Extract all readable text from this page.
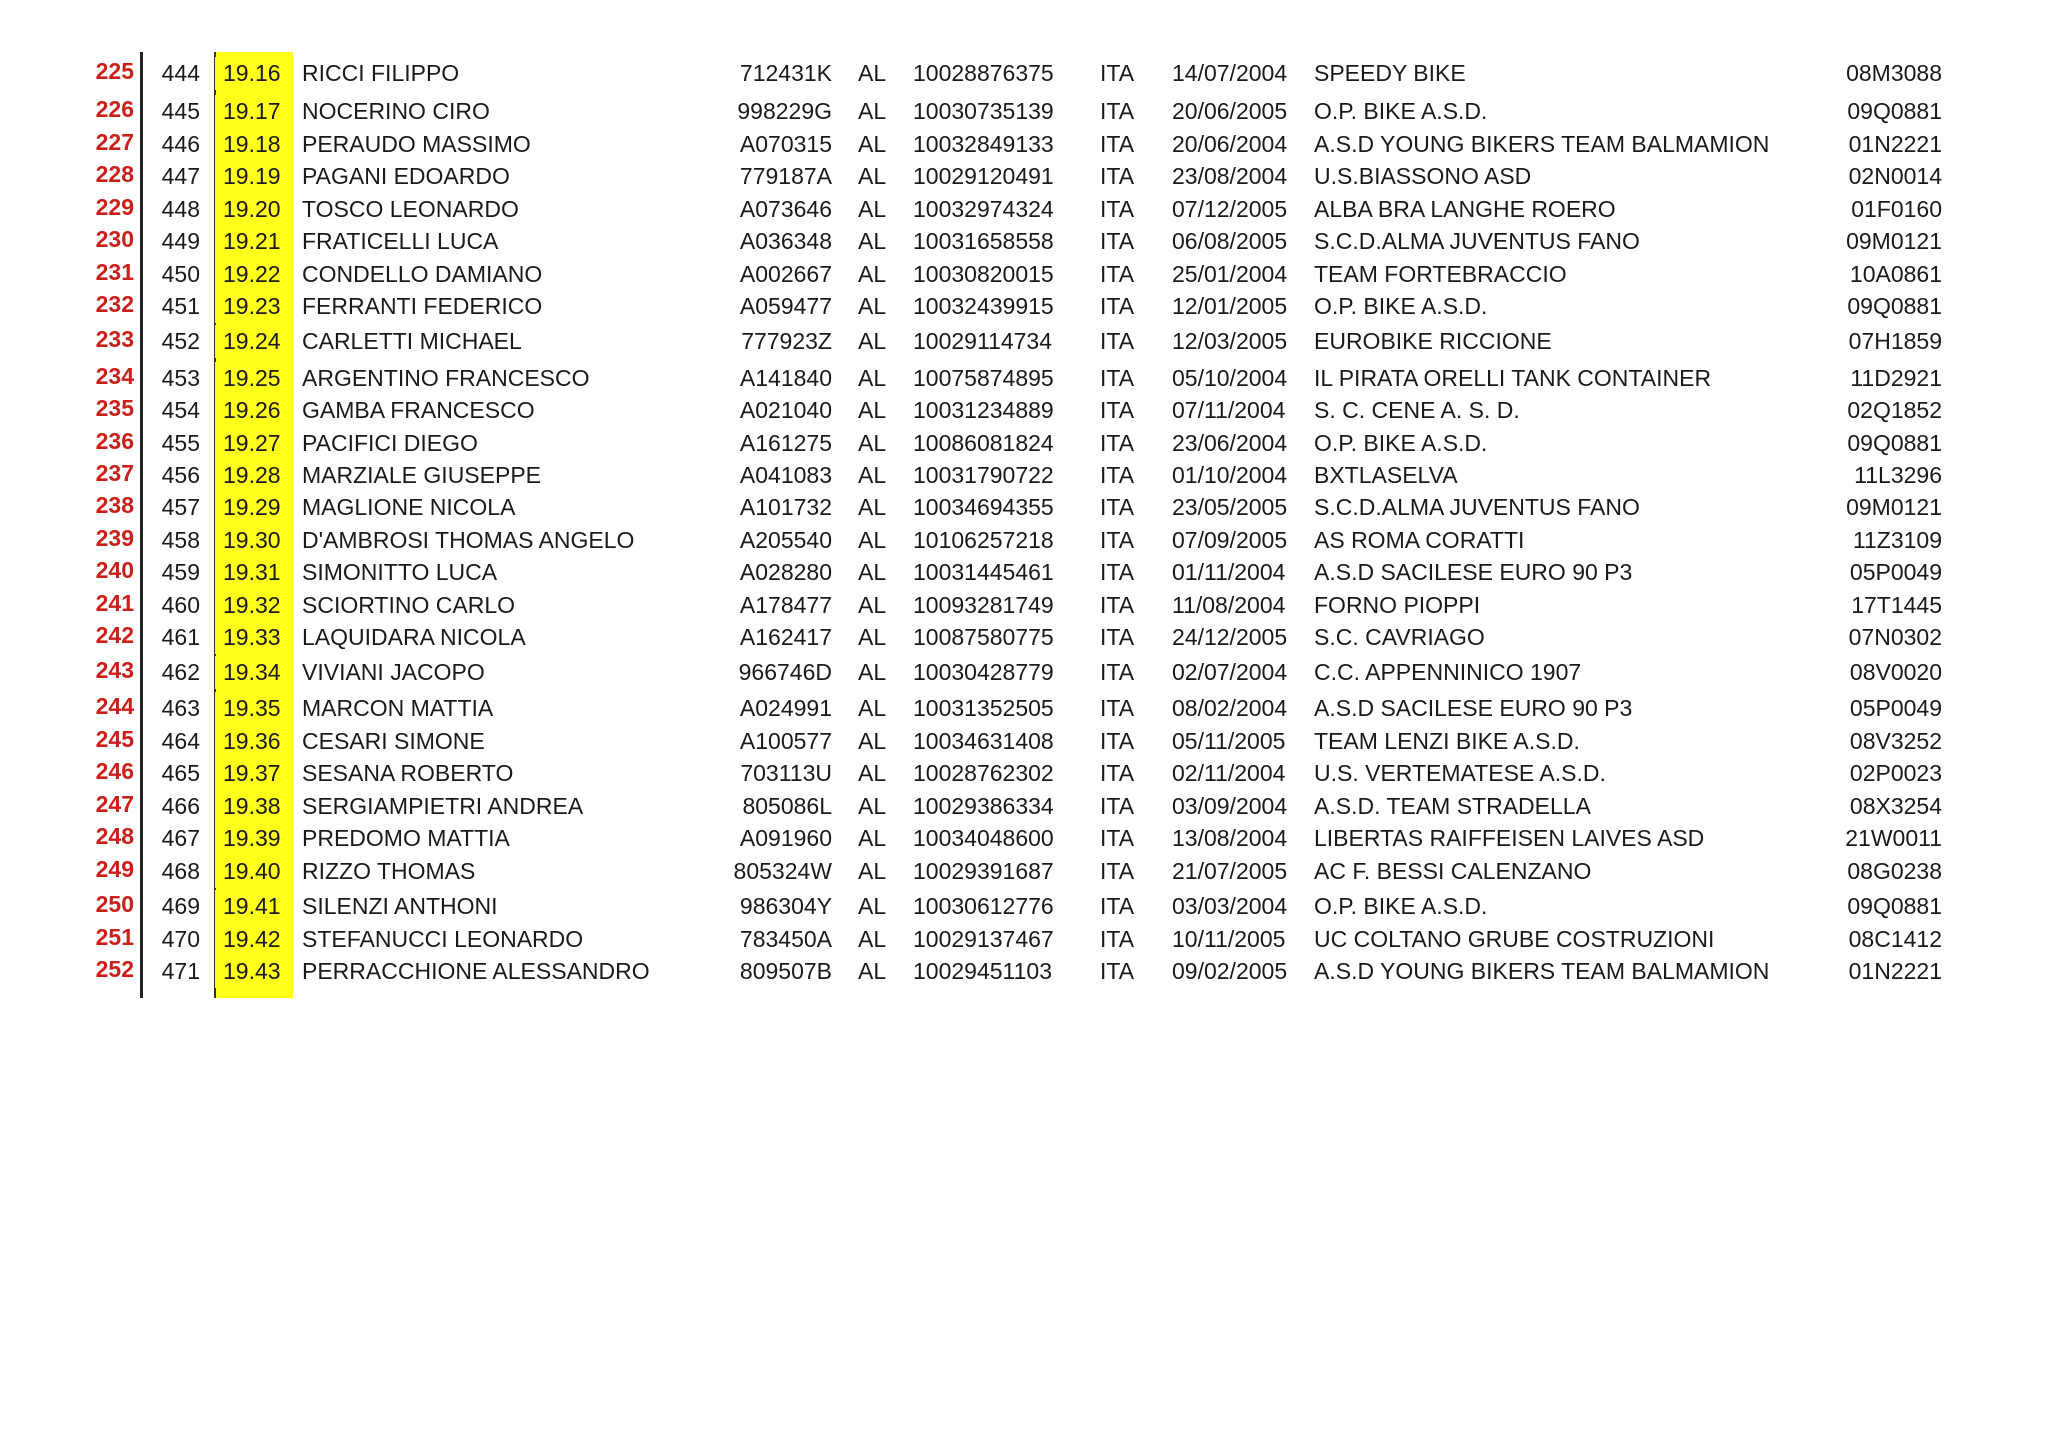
225	444	19.16 RICCI FILIPPO	712431K AL 10028876375 ITA 14/07/2004 SPEEDY BIKE	08M3088
226	445	19.17 NOCERINO CIRO	998229G AL 10030735139 ITA 20/06/2005 O.P. BIKE A.S.D.	09Q0881
227	446	19.18 PERAUDO MASSIMO	A070315 AL 10032849133 ITA 20/06/2004 A.S.D YOUNG BIKERS TEAM BALMAMION	01N2221
228	447	19.19 PAGANI EDOARDO	779187A AL 10029120491 ITA 23/08/2004 U.S.BIASSONO ASD	02N0014
229	448	19.20 TOSCO LEONARDO	A073646 AL 10032974324 ITA 07/12/2005 ALBA BRA LANGHE ROERO	01F0160
230	449	19.21 FRATICELLI LUCA	A036348 AL 10031658558 ITA 06/08/2005 S.C.D.ALMA JUVENTUS FANO	09M0121
231	450	19.22 CONDELLO DAMIANO	A002667 AL 10030820015 ITA 25/01/2004 TEAM FORTEBRACCIO	10A0861
232	451	19.23 FERRANTI FEDERICO	A059477 AL 10032439915 ITA 12/01/2005 O.P. BIKE A.S.D.	09Q0881
233	452	19.24 CARLETTI MICHAEL	777923Z AL 10029114734 ITA 12/03/2005 EUROBIKE RICCIONE	07H1859
234	453	19.25 ARGENTINO FRANCESCO	A141840 AL 10075874895 ITA 05/10/2004 IL PIRATA ORELLI TANK CONTAINER	11D2921
235	454	19.26 GAMBA FRANCESCO	A021040 AL 10031234889 ITA 07/11/2004 S. C. CENE A. S. D.	02Q1852
236	455	19.27 PACIFICI DIEGO	A161275 AL 10086081824 ITA 23/06/2004 O.P. BIKE A.S.D.	09Q0881
237	456	19.28 MARZIALE GIUSEPPE	A041083 AL 10031790722 ITA 01/10/2004 BXTLASELVA	11L3296
238	457	19.29 MAGLIONE NICOLA	A101732 AL 10034694355 ITA 23/05/2005 S.C.D.ALMA JUVENTUS FANO	09M0121
239	458	19.30 D'AMBROSI THOMAS ANGELO	A205540 AL 10106257218 ITA 07/09/2005 AS ROMA CORATTI	11Z3109
240	459	19.31 SIMONITTO LUCA	A028280 AL 10031445461 ITA 01/11/2004 A.S.D SACILESE EURO 90 P3	05P0049
241	460	19.32 SCIORTINO CARLO	A178477 AL 10093281749 ITA 11/08/2004 FORNO PIOPPI	17T1445
242	461	19.33 LAQUIDARA NICOLA	A162417 AL 10087580775 ITA 24/12/2005 S.C. CAVRIAGO	07N0302
243	462	19.34 VIVIANI JACOPO	966746D AL 10030428779 ITA 02/07/2004 C.C. APPENNINICO 1907	08V0020
244	463	19.35 MARCON MATTIA	A024991 AL 10031352505 ITA 08/02/2004 A.S.D SACILESE EURO 90 P3	05P0049
245	464	19.36 CESARI SIMONE	A100577 AL 10034631408 ITA 05/11/2005 TEAM LENZI BIKE A.S.D.	08V3252
246	465	19.37 SESANA ROBERTO	703113U AL 10028762302 ITA 02/11/2004 U.S. VERTEMATESE A.S.D.	02P0023
247	466	19.38 SERGIAMPIETRI ANDREA	805086L AL 10029386334 ITA 03/09/2004 A.S.D. TEAM STRADELLA	08X3254
248	467	19.39 PREDOMO MATTIA	A091960 AL 10034048600 ITA 13/08/2004 LIBERTAS RAIFFEISEN LAIVES ASD	21W0011
249	468	19.40 RIZZO THOMAS	805324W AL 10029391687 ITA 21/07/2005 AC F. BESSI CALENZANO	08G0238
250	469	19.41 SILENZI ANTHONI	986304Y AL 10030612776 ITA 03/03/2004 O.P. BIKE A.S.D.	09Q0881
251	470	19.42 STEFANUCCI LEONARDO	783450A AL 10029137467 ITA 10/11/2005 UC COLTANO GRUBE COSTRUZIONI	08C1412
252	471	19.43 PERRACCHIONE ALESSANDRO	809507B AL 10029451103 ITA 09/02/2005 A.S.D YOUNG BIKERS TEAM BALMAMION	01N2221
